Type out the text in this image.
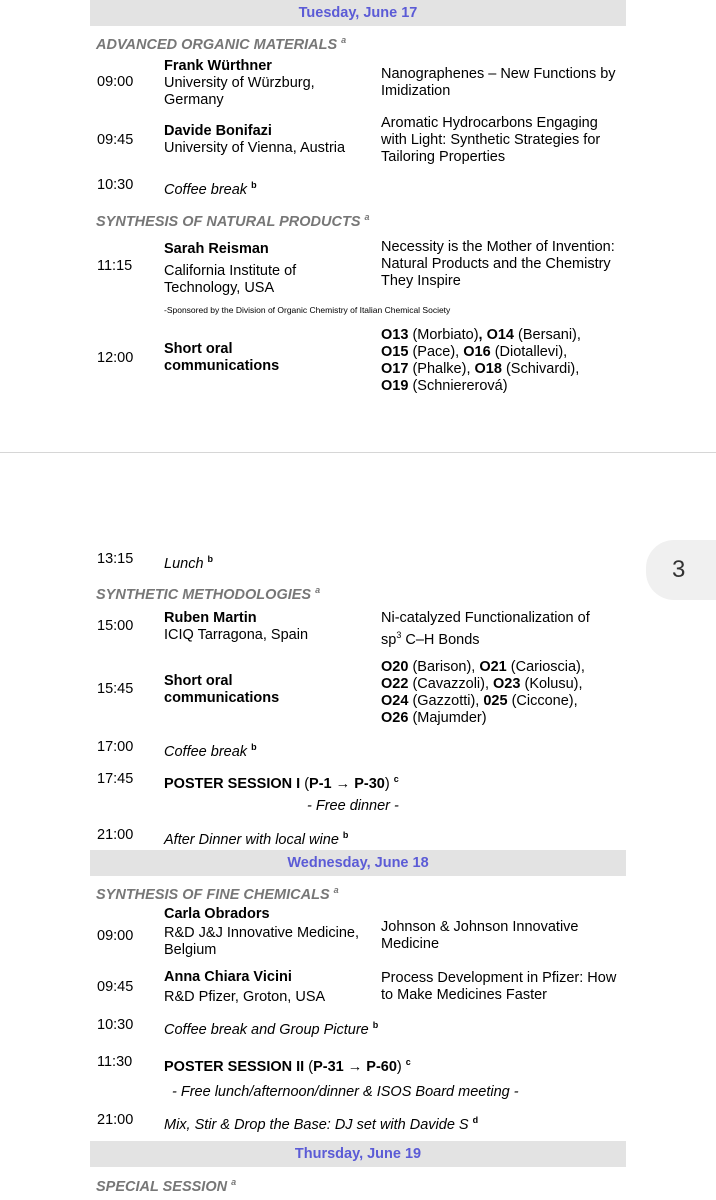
Tuesday, June 17
ADVANCED ORGANIC MATERIALS $^a$
09:00
Frank Würthner
University of Würzburg, Germany
Nanographenes – New Functions by Imidization
09:45
Davide Bonifazi
University of Vienna, Austria
Aromatic Hydrocarbons Engaging with Light: Synthetic Strategies for Tailoring Properties
10:30 Coffee break $^b$
SYNTHESIS OF NATURAL PRODUCTS $^a$
11:15
Sarah Reisman
California Institute of Technology, USA
Necessity is the Mother of Invention: Natural Products and the Chemistry They Inspire
-Sponsored by the Division of Organic Chemistry of Italian Chemical Society
12:00
Short oral communications
O13 (Morbiato), O14 (Bersani),
O15 (Pace), O16 (Diotallevi),
O17 (Phalke), O18 (Schivardi),
O19 (Schniererová)
13:15 Lunch $^b$	3
SYNTHETIC METHODOLOGIES $^a$
15:00 Ruben Martin
ICIQ Tarragona, Spain
Ni-catalyzed Functionalization of
$sp^3$ C–H Bonds
15:45 Short oral communications
O20 (Barison), O21 (Carioscia),
O22 (Cavazzoli), O23 (Kolusu),
O24 (Gazzotti), 025 (Ciccone),
O26 (Majumder)
17:00 Coffee break $^b$
17:45 POSTER SESSION I (P-1 → P-30) $^c$
- Free dinner -
21:00 After Dinner with local wine $^b$
Wednesday, June 18
SYNTHESIS OF FINE CHEMICALS $^a$
09:00
Carla Obradors
R&D J&J Innovative Medicine, Belgium
Johnson & Johnson Innovative Medicine
09:45
Anna Chiara Vicini
R&D Pfizer, Groton, USA
Process Development in Pfizer: How to Make Medicines Faster
10:30 Coffee break and Group Picture $^b$
11:30 POSTER SESSION II (P-31 → P-60) $^c$
- Free lunch/afternoon/dinner & ISOS Board meeting -
21:00 Mix, Stir & Drop the Base: DJ set with Davide S $^d$
Thursday, June 19
SPECIAL SESSION $^a$
